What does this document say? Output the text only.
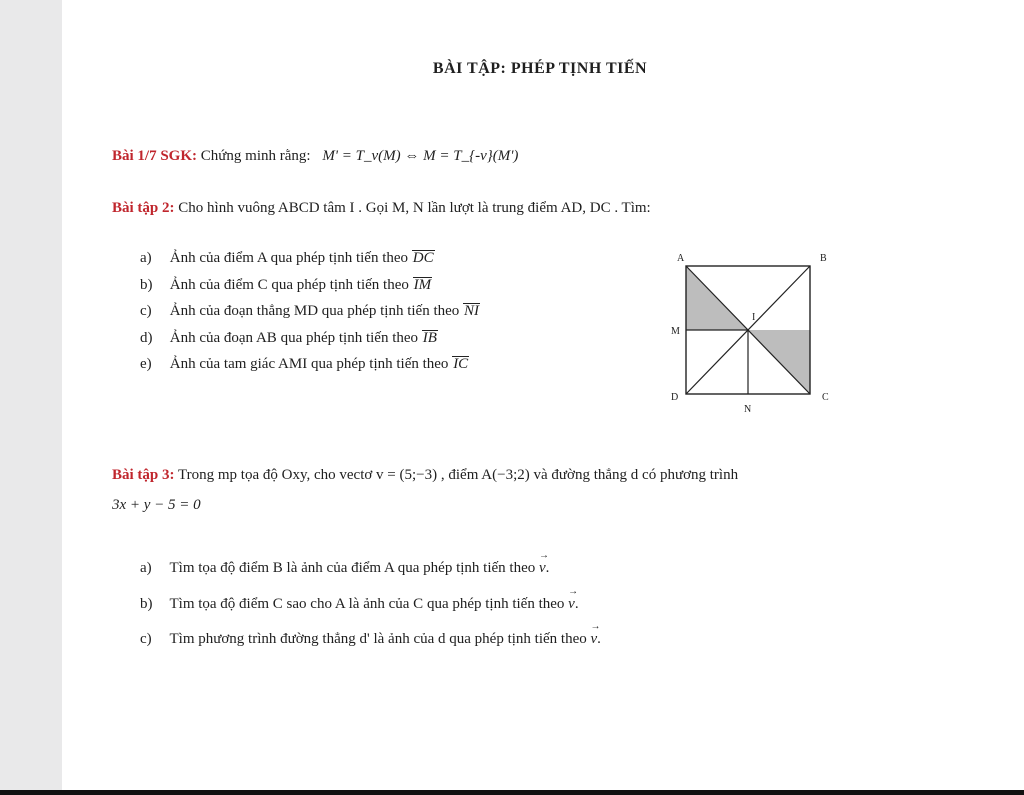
BÀI TẬP: PHÉP TỊNH TIẾN
Bài 1/7 SGK: Chứng minh rằng: M' = T_v(M) ⇔ M = T_{-v}(M')
Bài tập 2: Cho hình vuông ABCD tâm I . Gọi M, N lần lượt là trung điểm AD, DC . Tìm:
a) Ảnh của điểm A qua phép tịnh tiến theo DC
b) Ảnh của điểm C qua phép tịnh tiến theo IM
c) Ảnh của đoạn thẳng MD qua phép tịnh tiến theo NI
d) Ảnh của đoạn AB qua phép tịnh tiến theo IB
e) Ảnh của tam giác AMI qua phép tịnh tiến theo IC
A	B
C
D
I
M
N
Bài tập 3: Trong mp tọa độ Oxy, cho vectơ v = (5;−3) , điểm A(−3;2) và đường thẳng d có phương trình
3x + y − 5 = 0
a) Tìm tọa độ điểm B là ảnh của điểm A qua phép tịnh tiến theo → v.
b) Tìm tọa độ điểm C sao cho A là ảnh của C qua phép tịnh tiến theo → v.
c) Tìm phương trình đường thẳng d' là ảnh của d qua phép tịnh tiến theo → v.
